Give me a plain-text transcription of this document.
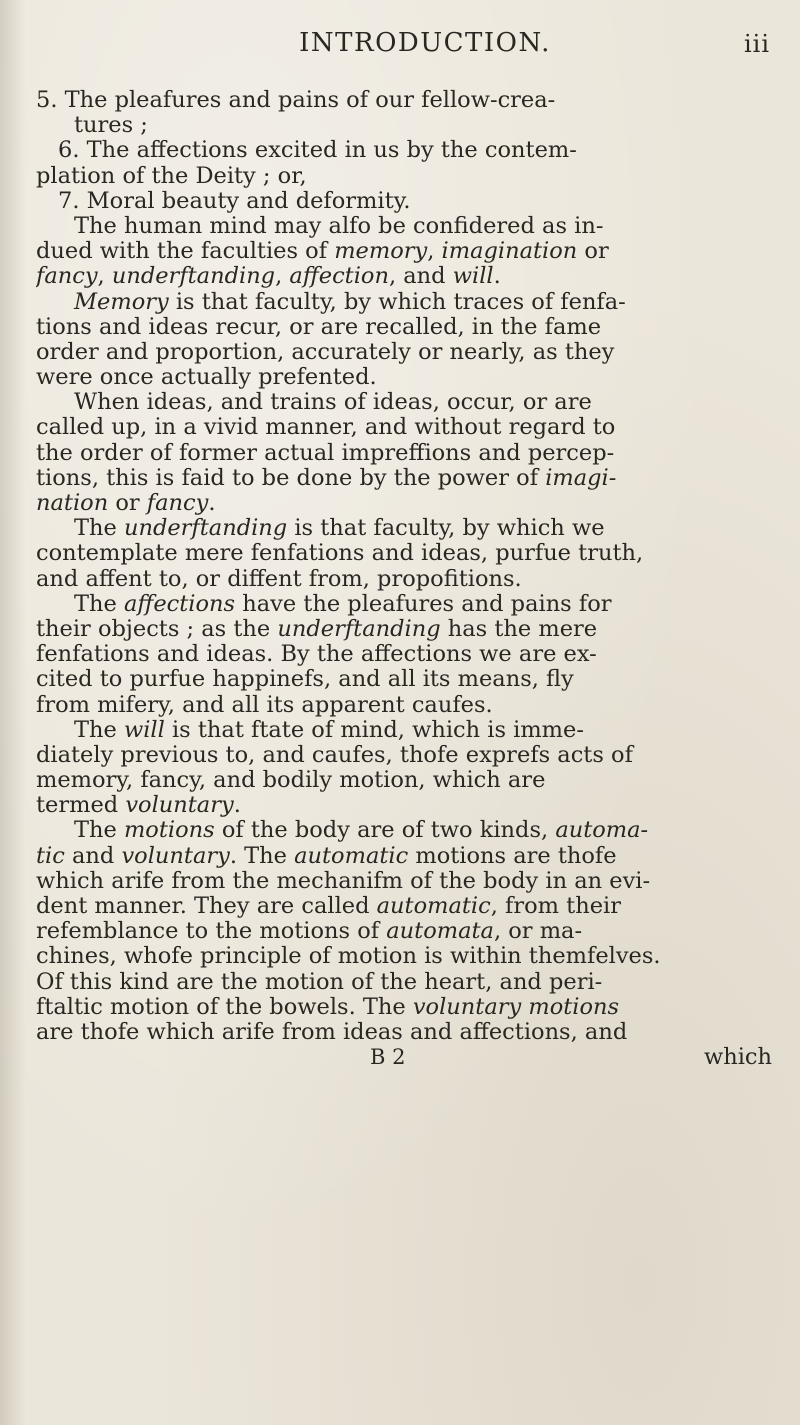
INTRODUCTION.	iii
5. The pleafures and pains of our fellow-crea-
tures ;
6. The affections excited in us by the contem-
plation of the Deity ; or,
7. Moral beauty and deformity.
The human mind may alfo be confidered as in-
dued with the faculties of memory, imagination or
fancy, underftanding, affection, and will.
Memory is that faculty, by which traces of fenfa-
tions and ideas recur, or are recalled, in the fame
order and proportion, accurately or nearly, as they
were once actually prefented.
When ideas, and trains of ideas, occur, or are
called up, in a vivid manner, and without regard to
the order of former actual impreffions and percep-
tions, this is faid to be done by the power of imagi-
nation or fancy.
The underftanding is that faculty, by which we
contemplate mere fenfations and ideas, purfue truth,
and affent to, or diffent from, propofitions.
The affections have the pleafures and pains for
their objects ; as the underftanding has the mere
fenfations and ideas. By the affections we are ex-
cited to purfue happinefs, and all its means, fly
from mifery, and all its apparent caufes.
The will is that ftate of mind, which is imme-
diately previous to, and caufes, thofe exprefs acts of
memory, fancy, and bodily motion, which are
termed voluntary.
The motions of the body are of two kinds, automa-
tic and voluntary. The automatic motions are thofe
which arife from the mechanifm of the body in an evi-
dent manner. They are called automatic, from their
refemblance to the motions of automata, or ma-
chines, whofe principle of motion is within themfelves.
Of this kind are the motion of the heart, and peri-
ftaltic motion of the bowels. The voluntary motions
are thofe which arife from ideas and affections, and
B 2	which
